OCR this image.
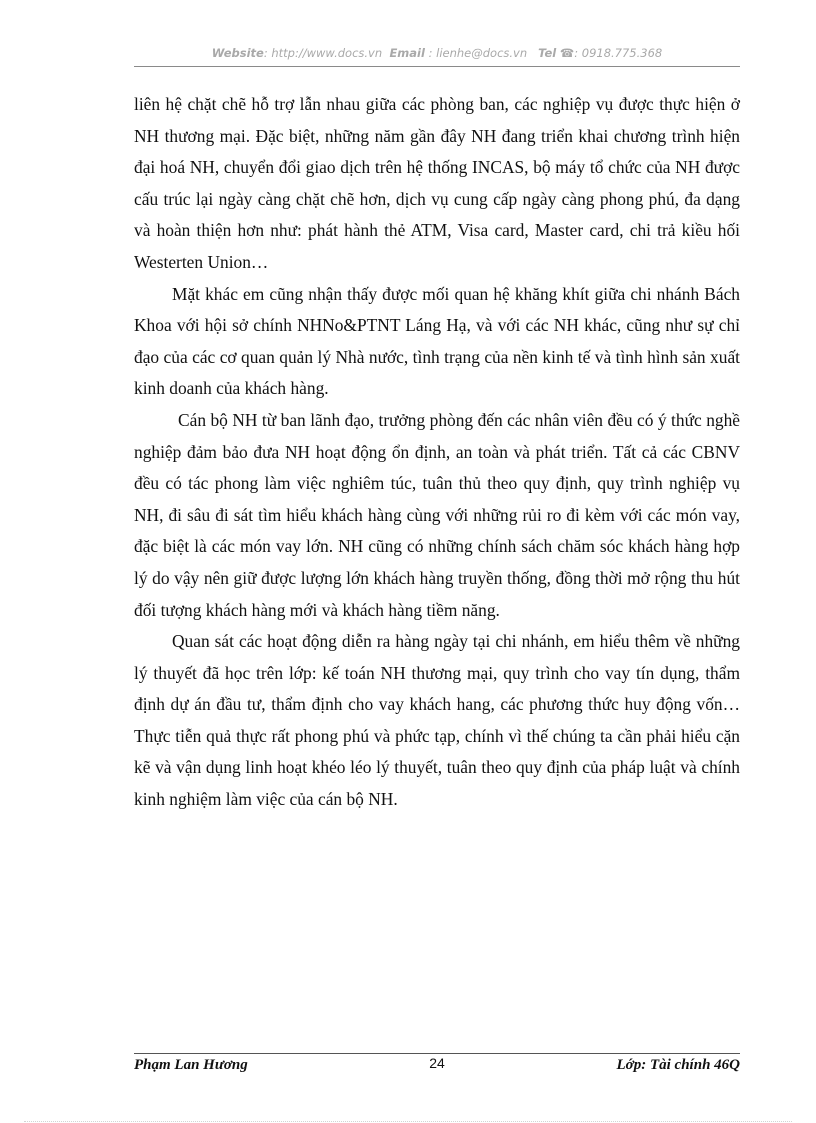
Website: http://www.docs.vn Email : lienhe@docs.vn Tel ☎: 0918.775.368

liên hệ chặt chẽ hỗ trợ lẫn nhau giữa các phòng ban, các nghiệp vụ được thực hiện ở NH thương mại. Đặc biệt, những năm gần đây NH đang triển khai chương trình hiện đại hoá NH, chuyển đổi giao dịch trên hệ thống INCAS, bộ máy tổ chức của NH được cấu trúc lại ngày càng chặt chẽ hơn, dịch vụ cung cấp ngày càng phong phú, đa dạng và hoàn thiện hơn như: phát hành thẻ ATM, Visa card, Master card, chi trả kiều hối Westerten Union…

Mặt khác em cũng nhận thấy được mối quan hệ khăng khít giữa chi nhánh Bách Khoa với hội sở chính NHNo&PTNT Láng Hạ, và với các NH khác, cũng như sự chỉ đạo của các cơ quan quản lý Nhà nước, tình trạng của nền kinh tế và tình hình sản xuất kinh doanh của khách hàng.

Cán bộ NH từ ban lãnh đạo, trưởng phòng đến các nhân viên đều có ý thức nghề nghiệp đảm bảo đưa NH hoạt động ổn định, an toàn và phát triển. Tất cả các CBNV đều có tác phong làm việc nghiêm túc, tuân thủ theo quy định, quy trình nghiệp vụ NH, đi sâu đi sát tìm hiểu khách hàng cùng với những rủi ro đi kèm với các món vay, đặc biệt là các món vay lớn. NH cũng có những chính sách chăm sóc khách hàng hợp lý do vậy nên giữ được lượng lớn khách hàng truyền thống, đồng thời mở rộng thu hút đối tượng khách hàng mới và khách hàng tiềm năng.

Quan sát các hoạt động diễn ra hàng ngày tại chi nhánh, em hiểu thêm về những lý thuyết đã học trên lớp: kế toán NH thương mại, quy trình cho vay tín dụng, thẩm định dự án đầu tư, thẩm định cho vay khách hang, các phương thức huy động vốn…Thực tiễn quả thực rất phong phú và phức tạp, chính vì thế chúng ta cần phải hiểu cặn kẽ và vận dụng linh hoạt khéo léo lý thuyết, tuân theo quy định của pháp luật và chính kinh nghiệm làm việc của cán bộ NH.

Phạm Lan Hương	24	Lớp: Tài chính 46Q
